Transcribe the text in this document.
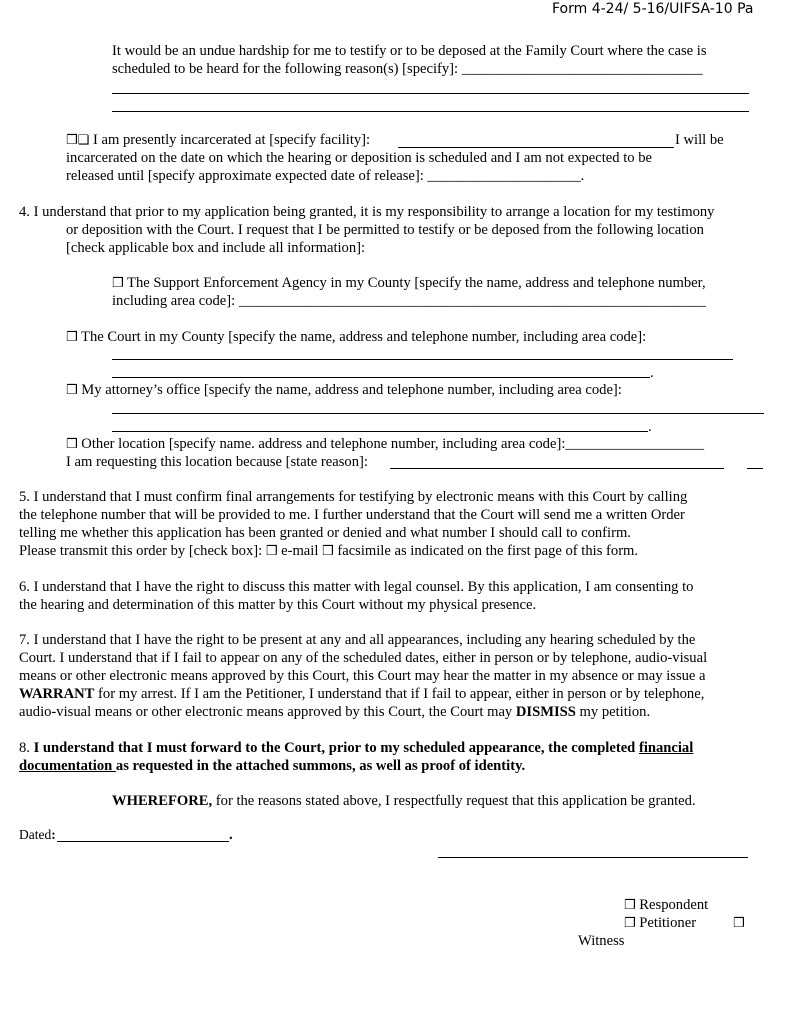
Form 4-24/ 5-16/UIFSA-10 Pa
It would be an undue hardship for me to testify or to be deposed at the Family Court where the case is
scheduled to be heard for the following reason(s) [specify]: _________________________________
❒❑ I am presently incarcerated at [specify facility]:	I will be
incarcerated on the date on which the hearing or deposition is scheduled and I am not expected to be
released until [specify approximate expected date of release]: _____________________.
4. I understand that prior to my application being granted, it is my responsibility to arrange a location for my testimony
or deposition with the Court. I request that I be permitted to testify or be deposed from the following location
[check applicable box and include all information]:
❒ The Support Enforcement Agency in my County [specify the name, address and telephone number,
including area code]: ________________________________________________________________
❒ The Court in my County [specify the name, address and telephone number, including area code]:
.
❒ My attorney’s office [specify the name, address and telephone number, including area code]:
.
❒ Other location [specify name. address and telephone number, including area code]:___________________
I am requesting this location because [state reason]:
5. I understand that I must confirm final arrangements for testifying by electronic means with this Court by calling
the telephone number that will be provided to me. I further understand that the Court will send me a written Order
telling me whether this application has been granted or denied and what number I should call to confirm.
Please transmit this order by [check box]: ❒ e-mail ❒ facsimile as indicated on the first page of this form.
6. I understand that I have the right to discuss this matter with legal counsel. By this application, I am consenting to
the hearing and determination of this matter by this Court without my physical presence.
7. I understand that I have the right to be present at any and all appearances, including any hearing scheduled by the
Court. I understand that if I fail to appear on any of the scheduled dates, either in person or by telephone, audio-visual
means or other electronic means approved by this Court, this Court may hear the matter in my absence or may issue a
WARRANT for my arrest. If I am the Petitioner, I understand that if I fail to appear, either in person or by telephone,
audio-visual means or other electronic means approved by this Court, the Court may DISMISS my petition.
8. I understand that I must forward to the Court, prior to my scheduled appearance, the completed financial
documentation as requested in the attached summons, as well as proof of identity.
WHEREFORE, for the reasons stated above, I respectfully request that this application be granted.
Dated:	.
❒ Respondent
❒ Petitioner	❒
Witness
